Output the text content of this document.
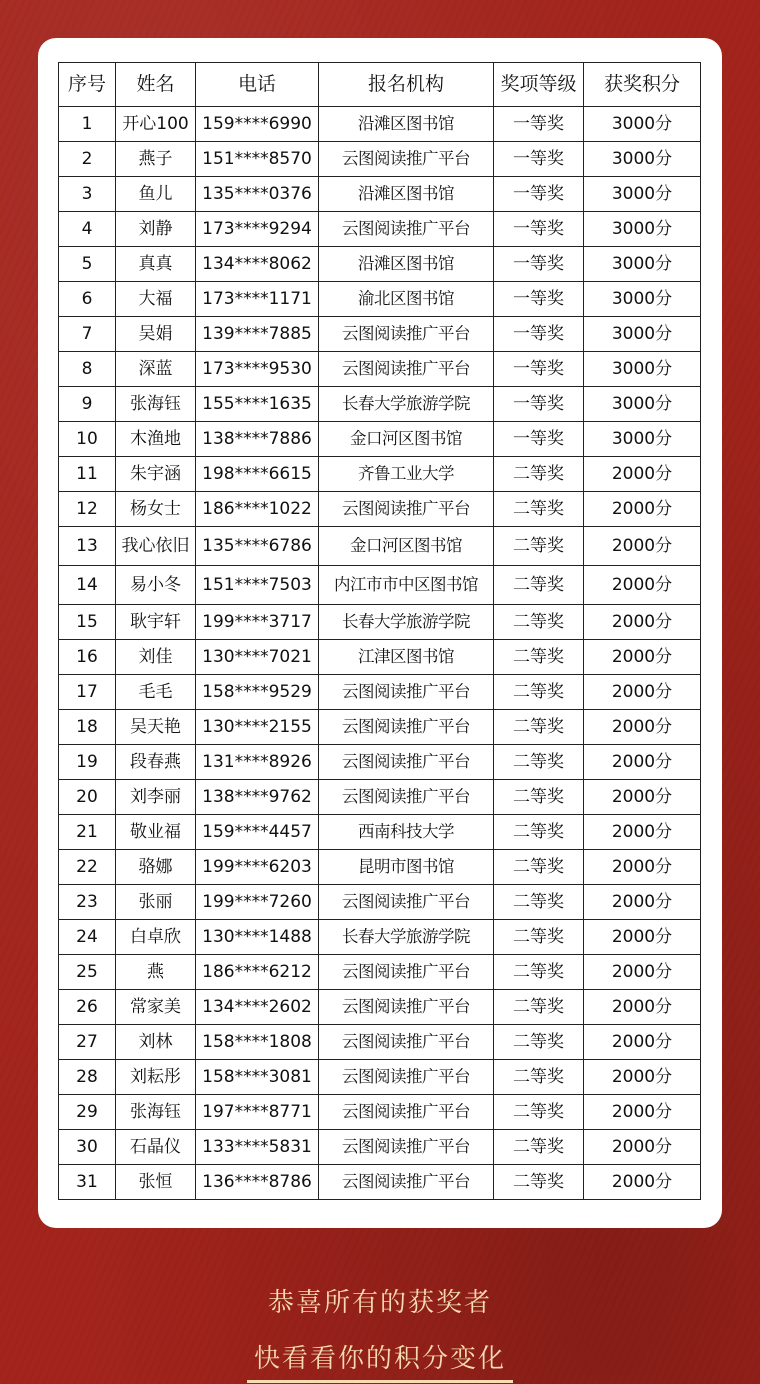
序号	姓名	电话	报名机构	奖项等级	获奖积分
1	开心100	159****6990	沿滩区图书馆	一等奖	3000分
2	燕子	151****8570	云图阅读推广平台	一等奖	3000分
3	鱼儿	135****0376	沿滩区图书馆	一等奖	3000分
4	刘静	173****9294	云图阅读推广平台	一等奖	3000分
5	真真	134****8062	沿滩区图书馆	一等奖	3000分
6	大福	173****1171	渝北区图书馆	一等奖	3000分
7	吴娟	139****7885	云图阅读推广平台	一等奖	3000分
8	深蓝	173****9530	云图阅读推广平台	一等奖	3000分
9	张海钰	155****1635	长春大学旅游学院	一等奖	3000分
10	木渔地	138****7886	金口河区图书馆	一等奖	3000分
11	朱宇涵	198****6615	齐鲁工业大学	二等奖	2000分
12	杨女士	186****1022	云图阅读推广平台	二等奖	2000分
13	我心依旧	135****6786	金口河区图书馆	二等奖	2000分
14	易小冬	151****7503	内江市市中区图书馆	二等奖	2000分
15	耿宇轩	199****3717	长春大学旅游学院	二等奖	2000分
16	刘佳	130****7021	江津区图书馆	二等奖	2000分
17	毛毛	158****9529	云图阅读推广平台	二等奖	2000分
18	吴天艳	130****2155	云图阅读推广平台	二等奖	2000分
19	段春燕	131****8926	云图阅读推广平台	二等奖	2000分
20	刘李丽	138****9762	云图阅读推广平台	二等奖	2000分
21	敬业福	159****4457	西南科技大学	二等奖	2000分
22	骆娜	199****6203	昆明市图书馆	二等奖	2000分
23	张丽	199****7260	云图阅读推广平台	二等奖	2000分
24	白卓欣	130****1488	长春大学旅游学院	二等奖	2000分
25	燕	186****6212	云图阅读推广平台	二等奖	2000分
26	常家美	134****2602	云图阅读推广平台	二等奖	2000分
27	刘林	158****1808	云图阅读推广平台	二等奖	2000分
28	刘耘彤	158****3081	云图阅读推广平台	二等奖	2000分
29	张海钰	197****8771	云图阅读推广平台	二等奖	2000分
30	石晶仪	133****5831	云图阅读推广平台	二等奖	2000分
31	张恒	136****8786	云图阅读推广平台	二等奖	2000分
恭喜所有的获奖者
快看看你的积分变化
